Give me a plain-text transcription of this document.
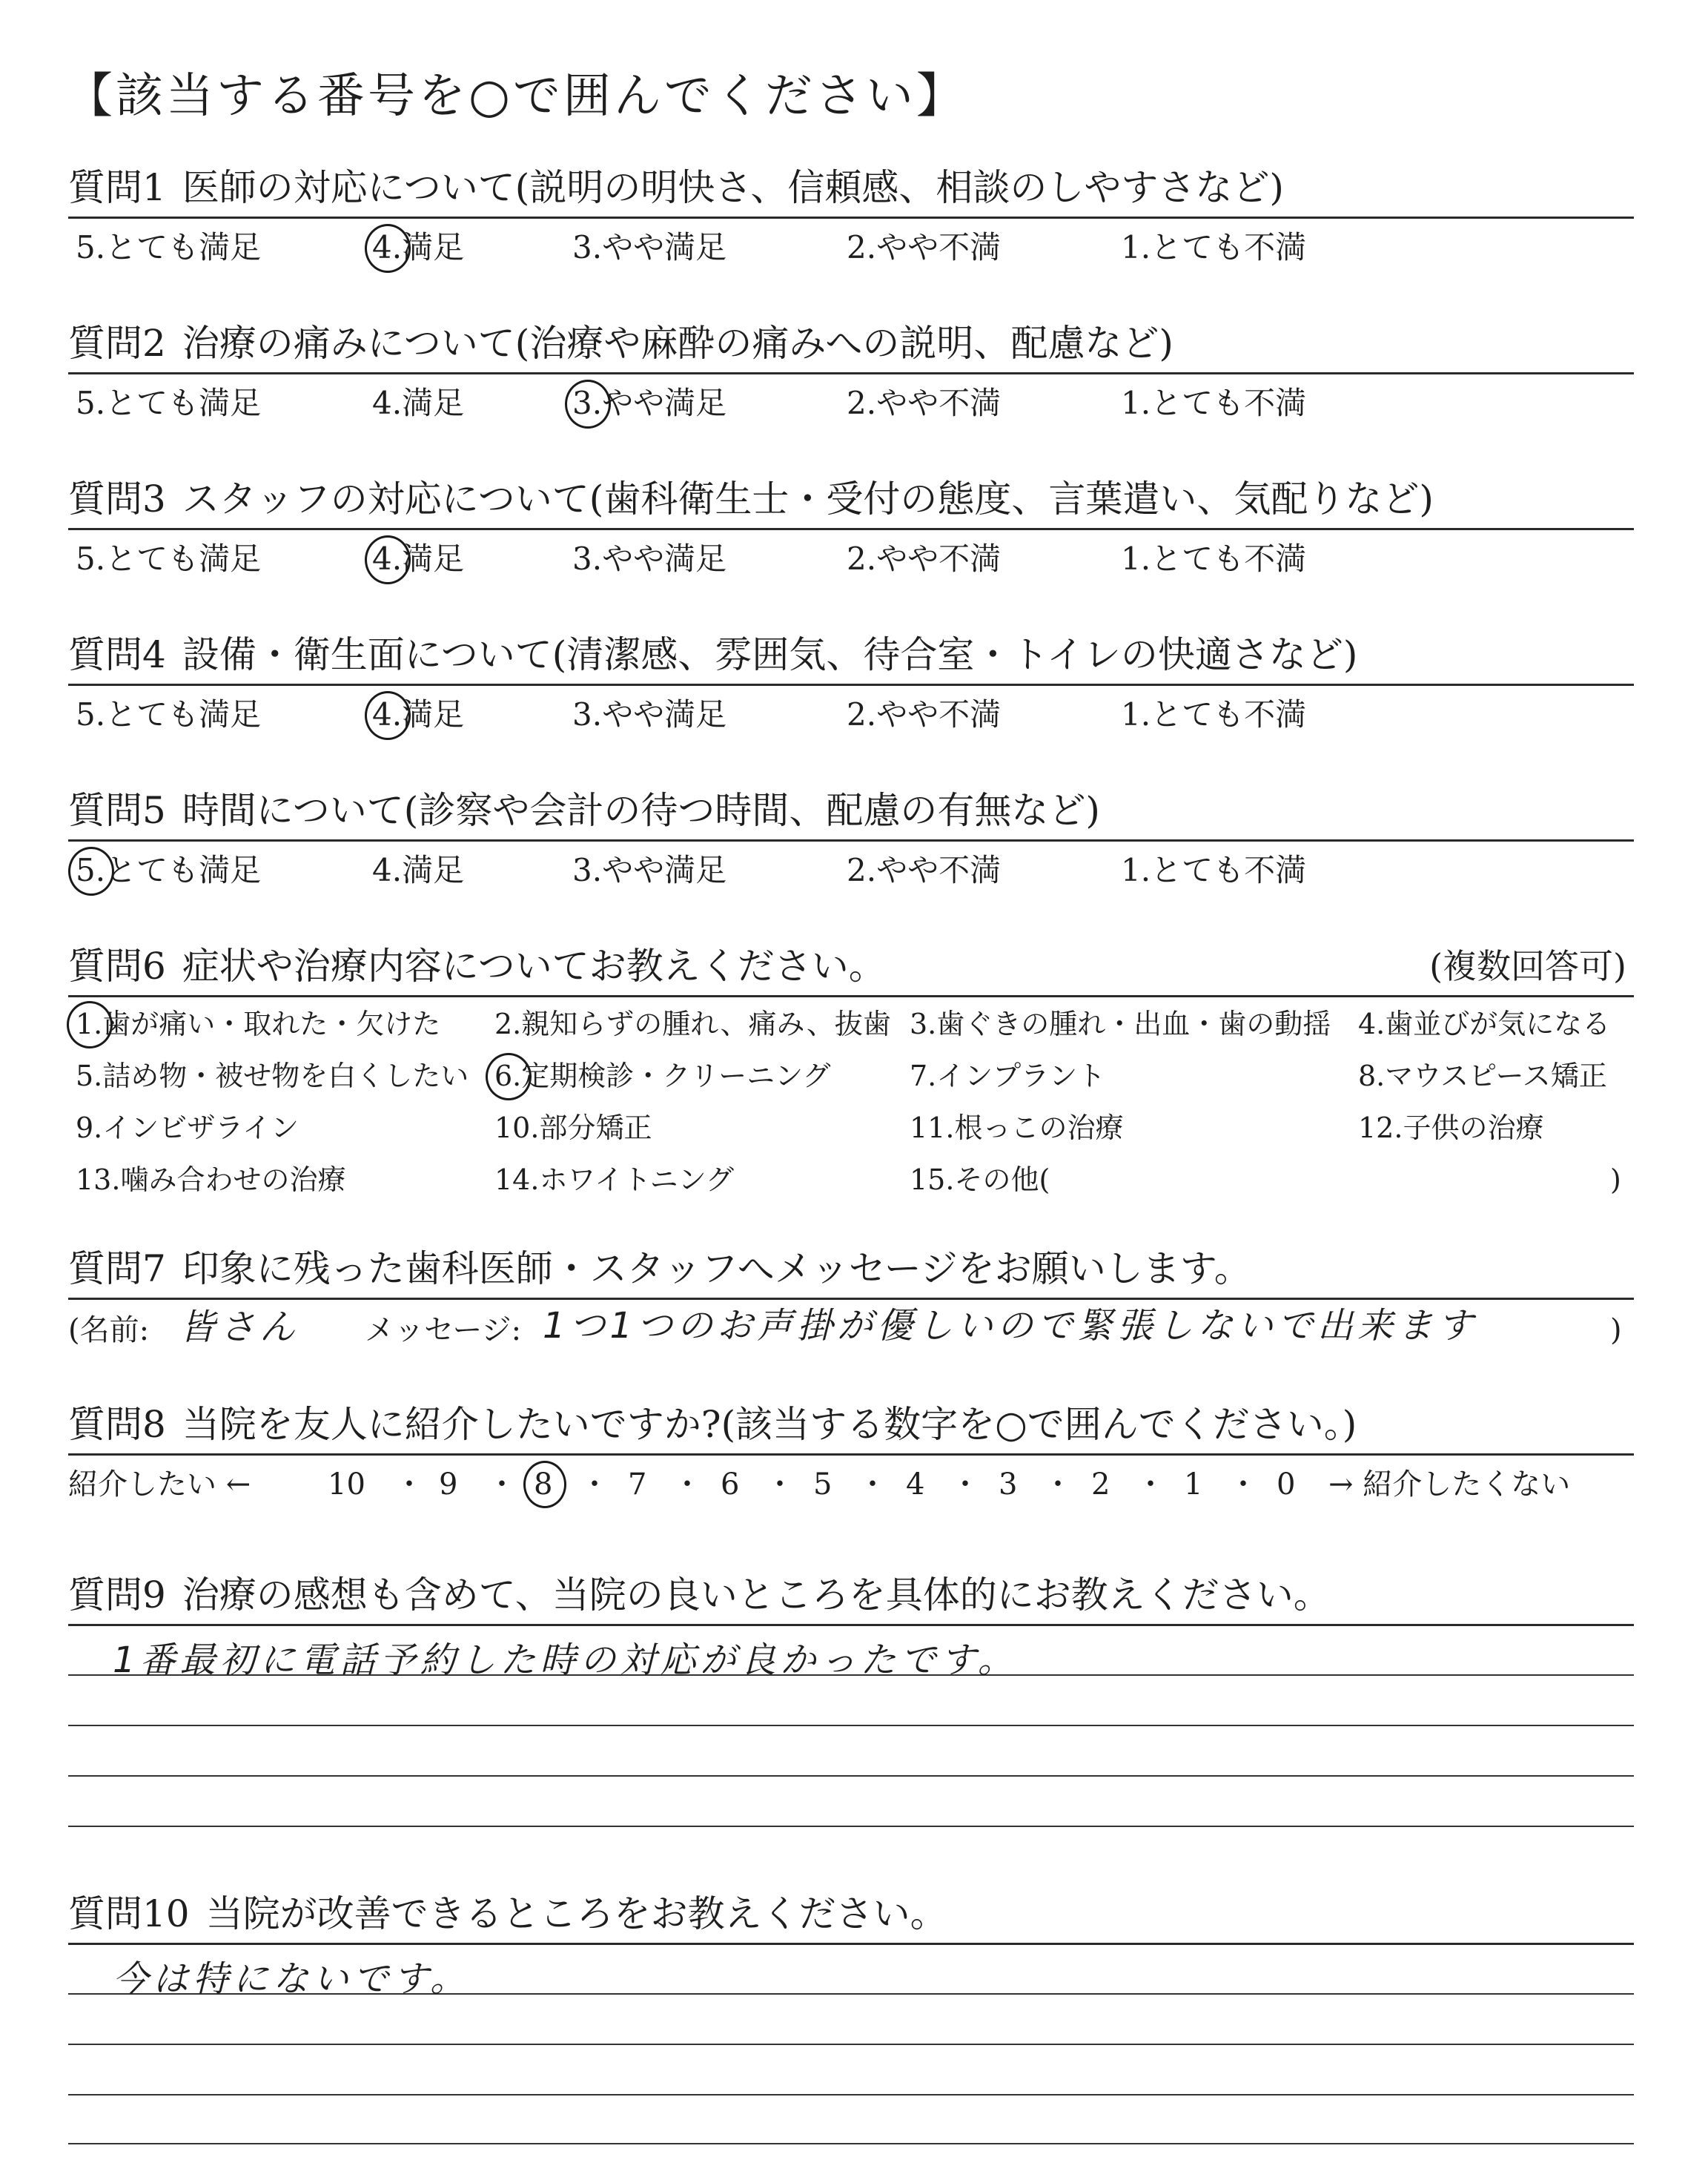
【該当する番号を○で囲んでください】
質問1 医師の対応について(説明の明快さ、信頼感、相談のしやすさなど)
5.とても満足	4.満足	3.やや満足	2.やや不満	1.とても不満
質問2 治療の痛みについて(治療や麻酔の痛みへの説明、配慮など)
5.とても満足	4.満足	3.やや満足	2.やや不満	1.とても不満
質問3 スタッフの対応について(歯科衛生士・受付の態度、言葉遣い、気配りなど)
5.とても満足	4.満足	3.やや満足	2.やや不満	1.とても不満
質問4 設備・衛生面について(清潔感、雰囲気、待合室・トイレの快適さなど)
5.とても満足	4.満足	3.やや満足	2.やや不満	1.とても不満
質問5 時間について(診察や会計の待つ時間、配慮の有無など)
5.とても満足	4.満足	3.やや満足	2.やや不満	1.とても不満
質問6 症状や治療内容についてお教えください。	(複数回答可)
1.歯が痛い・取れた・欠けた 2.親知らずの腫れ、痛み、抜歯 3.歯ぐきの腫れ・出血・歯の動揺 4.歯並びが気になる
5.詰め物・被せ物を白くしたい 6.定期検診・クリーニング	7.インプラント	8.マウスピース矯正
9.インビザライン	10.部分矯正	11.根っこの治療	12.子供の治療
13.噛み合わせの治療	14.ホワイトニング	15.その他(	)
質問7 印象に残った歯科医師・スタッフへメッセージをお願いします。
(名前: 皆さん メッセージ: 1つ1つのお声掛が優しいので緊張しないで出来ます	)
質問8 当院を友人に紹介したいですか?(該当する数字を○で囲んでください。)
紹介したい ←	10 ・ 9 ・ 8 ・ 7 ・ 6 ・ 5 ・ 4 ・ 3 ・ 2 ・ 1 ・ 0 → 紹介したくない
質問9 治療の感想も含めて、当院の良いところを具体的にお教えください。
1番最初に電話予約した時の対応が良かったです。
質問10 当院が改善できるところをお教えください。
今は特にないです。
